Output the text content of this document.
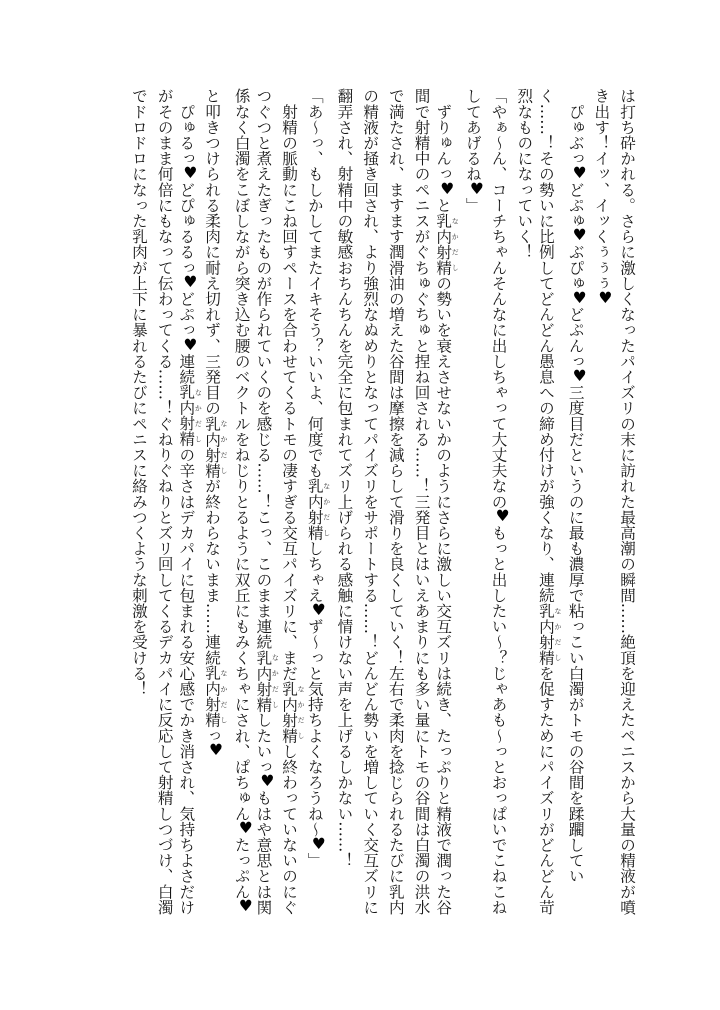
は打ち砕かれる。さらに激しくなったパイズリの末に訪れた最高潮の瞬間……絶頂を迎えたペニスから大量の精液が噴
き出す！イッ、イッくぅぅぅ♥
　ぴゅぶっ♥どぷゅ♥ぶぴゅ♥どぷんっ♥三度目だというのに最も濃厚で粘っこい白濁がトモの谷間を蹂躙してい
く……！その勢いに比例してどんどん愚息への締め付けが強くなり、連続乳内射精 なかだしを促すためにパイズリがどんどん苛
烈なものになっていく！
「やぁ〜ん、コーチちゃんそんなに出しちゃって大丈夫なの♥もっと出したい〜？じゃあも〜っとおっぱいでこねこね
してあげるね♥」
　ずりゅんっ♥と乳内射精 なかだしの勢いを衰えさせないかのようにさらに激しい交互ズリは続き、たっぷりと精液で潤った谷
間で射精中のペニスがぐちゅぐちゅと捏ね回される……！三発目とはいえあまりにも多い量にトモの谷間は白濁の洪水
で満たされ、ますます潤滑油の増えた谷間は摩擦を減らして滑りを良くしていく！左右で柔肉を捻じられるたびに乳内
の精液が掻き回され、より強烈なぬめりとなってパイズリをサポートする……！どんどん勢いを増していく交互ズリに
翻弄され、射精中の敏感おちんちんを完全に包まれてズリ上げられる感触に情けない声を上げるしかない……！
「あ〜っ、もしかしてまたイキそう？いいよ、何度でも乳内射精 なかだししちゃえ♥ず〜っと気持ちよくなろうね〜♥」
　射精の脈動にこね回すペースを合わせてくるトモの凄すぎる交互パイズリに、まだ乳内射精 なかだしし終わっていないのにぐ
つぐつと煮えたぎったものが作られていくのを感じる……！こっ、このまま連続乳内射精 なかだししたいっ♥もはや意思とは関
係なく白濁をこぼしながら突き込む腰のベクトルをねじりとるように双丘にもみくちゃにされ、ぱちゅん♥たっぷん♥
と叩きつけられる柔肉に耐え切れず、三発目の乳内射精 なかだしが終わらないまま……連続乳内射精 なかだしっ♥
　ぴゅるっ♥どぴゅるるっ♥どぷっ♥連続乳内射精 なかだしの辛さはデカパイに包まれる安心感でかき消され、気持ちよさだけ
がそのまま何倍にもなって伝わってくる……！ぐねりぐねりとズリ回してくるデカパイに反応して射精しつづけ、白濁
でドロドロになった乳肉が上下に暴れるたびにペニスに絡みつくような刺激を受ける！
